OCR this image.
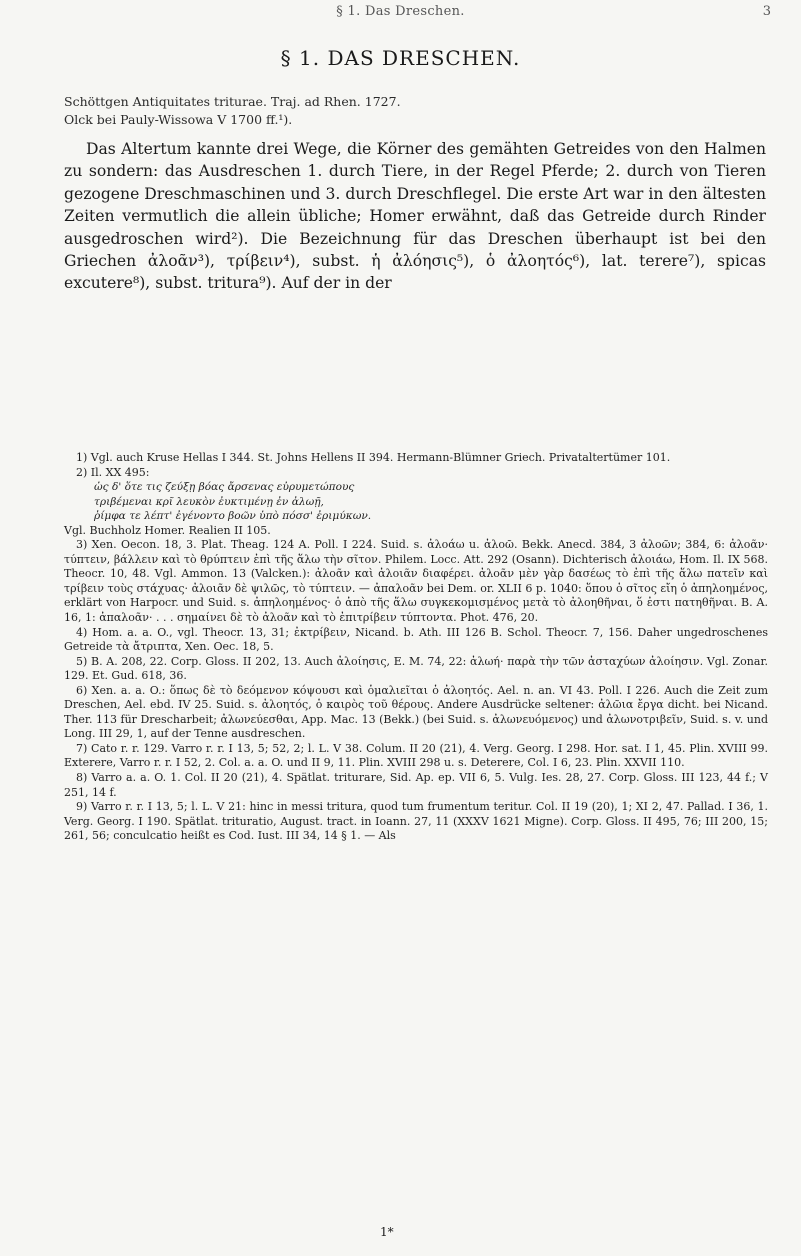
§ 1. Das Dreschen.	3
§ 1. DAS DRESCHEN.
Schöttgen Antiquitates triturae. Traj. ad Rhen. 1727.
Olck bei Pauly-Wissowa V 1700 ff.¹).

Das Altertum kannte drei Wege, die Körner des gemähten Getreides von den Halmen zu sondern: das Ausdreschen 1. durch Tiere, in der Regel Pferde; 2. durch von Tieren gezogene Dreschmaschinen und 3. durch Dreschflegel. Die erste Art war in den ältesten Zeiten vermutlich die allein übliche; Homer erwähnt, daß das Getreide durch Rinder ausgedroschen wird²). Die Bezeichnung für das Dreschen überhaupt ist bei den Griechen ἀλοᾶν³), τρίβειν⁴), subst. ἡ ἀλόησις⁵), ὁ ἀλοητός⁶), lat. terere⁷), spicas excutere⁸), subst. tritura⁹). Auf der in der

1) Vgl. auch Kruse Hellas I 344. St. Johns Hellens II 394. Hermann-Blümner Griech. Privataltertümer 101.

2) Il. XX 495:

ὡς δ' ὅτε τις ζεύξῃ βόας ἄρσενας εὐρυμετώπους

τριβέμεναι κρῖ λευκὸν ἐυκτιμένῃ ἐν ἀλωῇ,

ῥίμφα τε λέπτ' ἐγένοντο βοῶν ὑπὸ πόσσ' ἐριμύκων.

Vgl. Buchholz Homer. Realien II 105.

3) Xen. Oecon. 18, 3. Plat. Theag. 124 A. Poll. I 224. Suid. s. ἀλοάω u. ἀλοῶ. Bekk. Anecd. 384, 3 ἀλοῶν; 384, 6: ἀλοᾶν· τύπτειν, βάλλειν καὶ τὸ θρύπτειν ἐπὶ τῆς ἅλω τὴν σῖτον. Philem. Locc. Att. 292 (Osann). Dichterisch ἀλοιάω, Hom. Il. IX 568. Theocr. 10, 48. Vgl. Ammon. 13 (Valcken.): ἀλοᾶν καὶ ἀλοιᾶν διαφέρει. ἀλοᾶν μὲν γὰρ δασέως τὸ ἐπὶ τῆς ἅλω πατεῖν καὶ τρίβειν τοὺς στάχυας· ἀλοιᾶν δὲ ψιλῶς, τὸ τύπτειν. — ἀπαλοᾶν bei Dem. or. XLII 6 p. 1040: ὅπου ὁ σῖτος εἴη ὁ ἀπηλοημένος, erklärt von Harpocr. und Suid. s. ἀπηλοημένος· ὁ ἀπὸ τῆς ἅλω συγκεκομισμένος μετὰ τὸ ἀλοηθῆναι, ὅ ἐστι πατηθῆναι. B. A. 16, 1: ἀπαλοᾶν· . . . σημαίνει δὲ τὸ ἀλοᾶν καὶ τὸ ἐπιτρίβειν τύπτοντα. Phot. 476, 20.

4) Hom. a. a. O., vgl. Theocr. 13, 31; ἐκτρίβειν, Nicand. b. Ath. III 126 B. Schol. Theocr. 7, 156. Daher ungedroschenes Getreide τὰ ἄτριπτα, Xen. Oec. 18, 5.

5) B. A. 208, 22. Corp. Gloss. II 202, 13. Auch ἀλοίησις, E. M. 74, 22: ἀλωή· παρὰ τὴν τῶν ἀσταχύων ἀλοίησιν. Vgl. Zonar. 129. Et. Gud. 618, 36.

6) Xen. a. a. O.: ὅπως δὲ τὸ δεόμενον κόψουσι καὶ ὁμαλιεῖται ὁ ἀλοητός. Ael. n. an. VI 43. Poll. I 226. Auch die Zeit zum Dreschen, Ael. ebd. IV 25. Suid. s. ἀλοητός, ὁ καιρὸς τοῦ θέρους. Andere Ausdrücke seltener: ἀλῶια ἔργα dicht. bei Nicand. Ther. 113 für Drescharbeit; ἀλωνεύεσθαι, App. Mac. 13 (Bekk.) (bei Suid. s. ἀλωνευόμενος) und ἀλωνοτριβεῖν, Suid. s. v. und Long. III 29, 1, auf der Tenne ausdreschen.

7) Cato r. r. 129. Varro r. r. I 13, 5; 52, 2; l. L. V 38. Colum. II 20 (21), 4. Verg. Georg. I 298. Hor. sat. I 1, 45. Plin. XVIII 99. Exterere, Varro r. r. I 52, 2. Col. a. a. O. und II 9, 11. Plin. XVIII 298 u. s. Deterere, Col. I 6, 23. Plin. XXVII 110.

8) Varro a. a. O. 1. Col. II 20 (21), 4. Spätlat. triturare, Sid. Ap. ep. VII 6, 5. Vulg. Ies. 28, 27. Corp. Gloss. III 123, 44 f.; V 251, 14 f.

9) Varro r. r. I 13, 5; l. L. V 21: hinc in messi tritura, quod tum frumentum teritur. Col. II 19 (20), 1; XI 2, 47. Pallad. I 36, 1. Verg. Georg. I 190. Spätlat. trituratio, August. tract. in Ioann. 27, 11 (XXXV 1621 Migne). Corp. Gloss. II 495, 76; III 200, 15; 261, 56; conculcatio heißt es Cod. Iust. III 34, 14 § 1. — Als

1*
